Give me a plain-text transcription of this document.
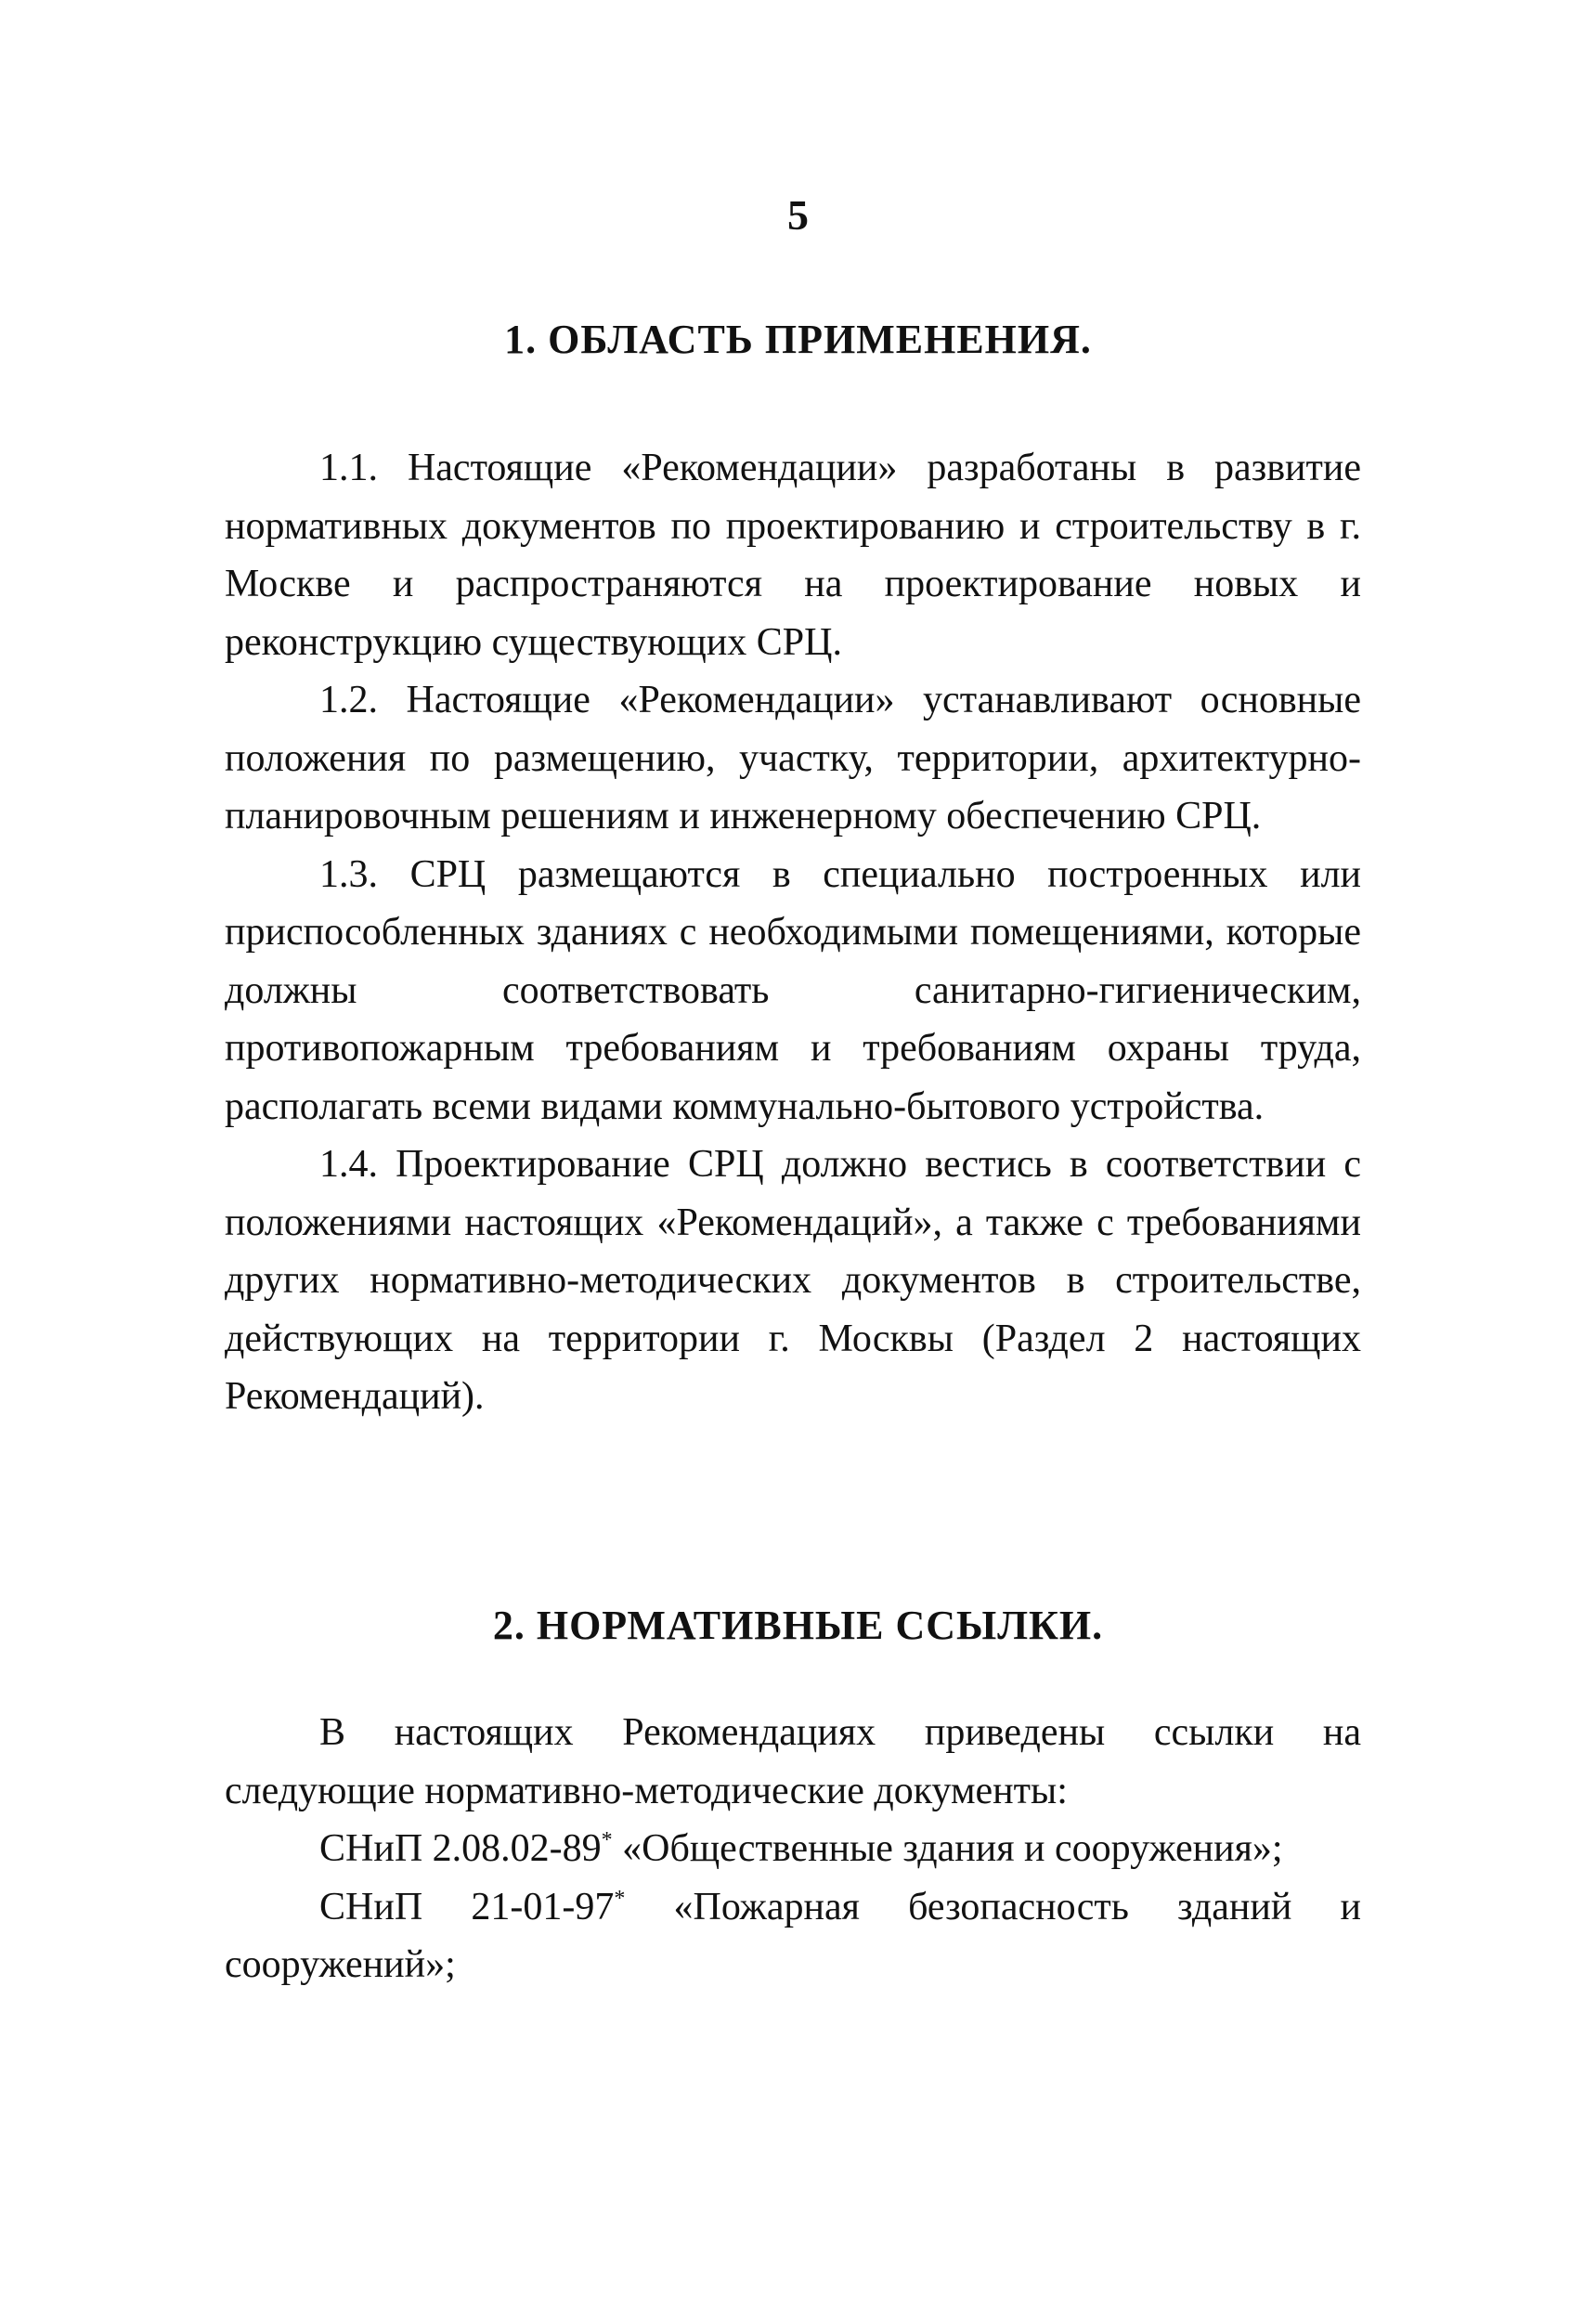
5
1. ОБЛАСТЬ ПРИМЕНЕНИЯ.

1.1. Настоящие «Рекомендации» разработаны в развитие нормативных документов по проектированию и строительству в г. Москве и распространяются на проектирование новых и реконструкцию существующих СРЦ.

1.2. Настоящие «Рекомендации» устанавливают основные положения по размещению, участку, территории, архитектурно-планировочным решениям и инженерному обеспечению СРЦ.

1.3. СРЦ размещаются в специально построенных или приспособленных зданиях с необходимыми помещениями, которые должны соответствовать санитарно-гигиеническим, противопожарным требованиям и требованиям охраны труда, располагать всеми видами коммунально-бытового устройства.

1.4. Проектирование СРЦ должно вестись в соответствии с положениями настоящих «Рекомендаций», а также с требованиями других нормативно-методических документов в строительстве, действующих на территории г. Москвы (Раздел 2 настоящих Рекомендаций).

2. НОРМАТИВНЫЕ ССЫЛКИ.

В настоящих Рекомендациях приведены ссылки на следующие нормативно-методические документы:

СНиП 2.08.02-89* «Общественные здания и сооружения»;

СНиП 21-01-97* «Пожарная безопасность зданий и сооружений»;
